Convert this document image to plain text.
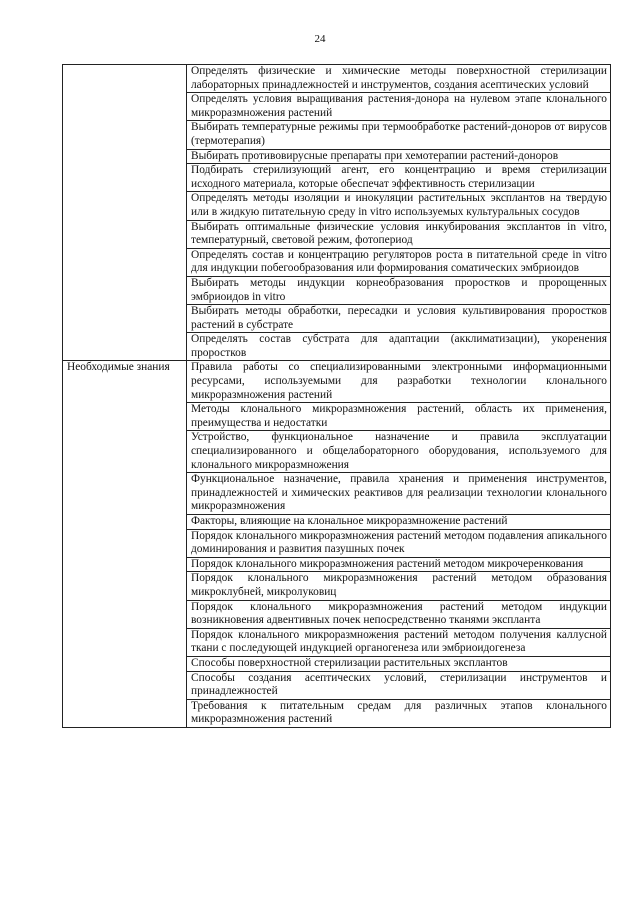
24
	Определять физические и химические методы поверхностной стерилизации лабораторных принадлежностей и инструментов, создания асептических условий
	Определять условия выращивания растения-донора на нулевом этапе клонального микроразмножения растений
	Выбирать температурные режимы при термообработке растений-доноров от вирусов (термотерапия)
	Выбирать противовирусные препараты при хемотерапии растений-доноров
	Подбирать стерилизующий агент, его концентрацию и время стерилизации исходного материала, которые обеспечат эффективность стерилизации
	Определять методы изоляции и инокуляции растительных эксплантов на твердую или в жидкую питательную среду in vitro используемых культуральных сосудов
	Выбирать оптимальные физические условия инкубирования эксплантов in vitro, температурный, световой режим, фотопериод
	Определять состав и концентрацию регуляторов роста в питательной среде in vitro для индукции побегообразования или формирования соматических эмбриоидов
	Выбирать методы индукции корнеобразования проростков и пророщенных эмбриоидов in vitro
	Выбирать методы обработки, пересадки и условия культивирования проростков растений в субстрате
	Определять состав субстрата для адаптации (акклиматизации), укоренения проростков
Необходимые знания	Правила работы со специализированными электронными информационными ресурсами, используемыми для разработки технологии клонального микроразмножения растений
	Методы клонального микроразмножения растений, область их применения, преимущества и недостатки
	Устройство, функциональное назначение и правила эксплуатации специализированного и общелабораторного оборудования, используемого для клонального микроразмножения
	Функциональное назначение, правила хранения и применения инструментов, принадлежностей и химических реактивов для реализации технологии клонального микроразмножения
	Факторы, влияющие на клональное микроразмножение растений
	Порядок клонального микроразмножения растений методом подавления апикального доминирования и развития пазушных почек
	Порядок клонального микроразмножения растений методом микрочеренкования
	Порядок клонального микроразмножения растений методом образования микроклубней, микролуковиц
	Порядок клонального микроразмножения растений методом индукции возникновения адвентивных почек непосредственно тканями экспланта
	Порядок клонального микроразмножения растений методом получения каллусной ткани с последующей индукцией органогенеза или эмбриоидогенеза
	Способы поверхностной стерилизации растительных эксплантов
	Способы создания асептических условий, стерилизации инструментов и принадлежностей
	Требования к питательным средам для различных этапов клонального микроразмножения растений
